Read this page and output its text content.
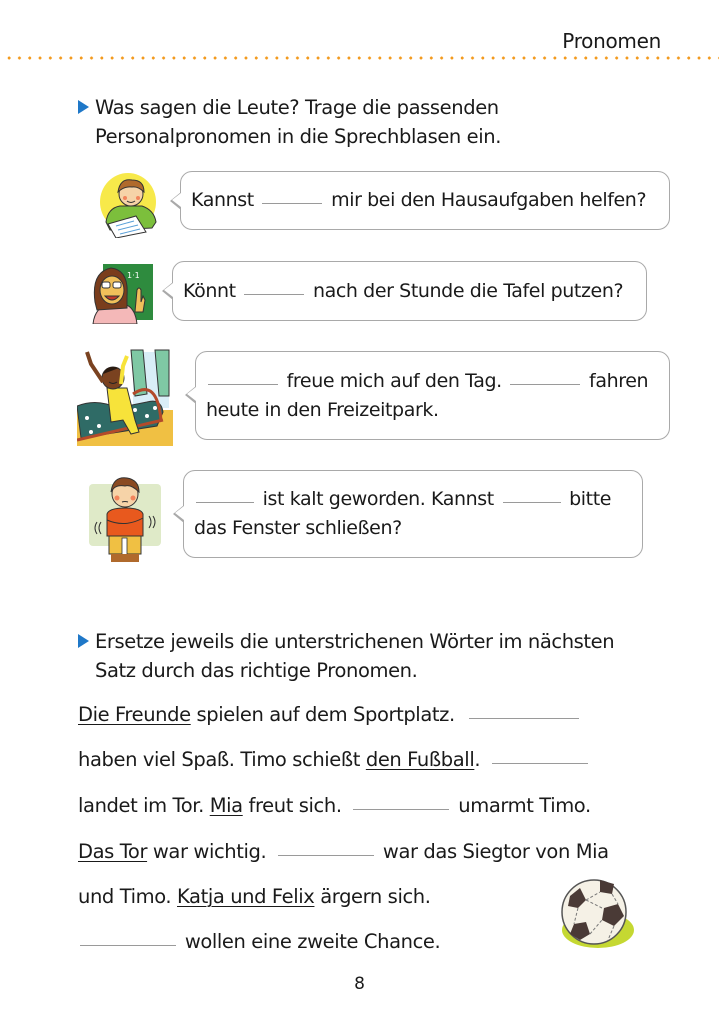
Pronomen
Was sagen die Leute? Trage die passenden
Personalpronomen in die Sprechblasen ein.
Kannst	mir bei den Hausaufgaben helfen?
1·1
Könnt	nach der Stunde die Tafel putzen?
freue mich auf den Tag.	fahren
heute in den Freizeitpark.
ist kalt geworden. Kannst	bitte
das Fenster schließen?
Ersetze jeweils die unterstrichenen Wörter im nächsten
Satz durch das richtige Pronomen.
Die Freunde spielen auf dem Sportplatz.
haben viel Spaß. Timo schießt den Fußball.
landet im Tor. Mia freut sich.	umarmt Timo.
Das Tor war wichtig.	war das Siegtor von Mia
und Timo. Katja und Felix ärgern sich.
wollen eine zweite Chance.
8
